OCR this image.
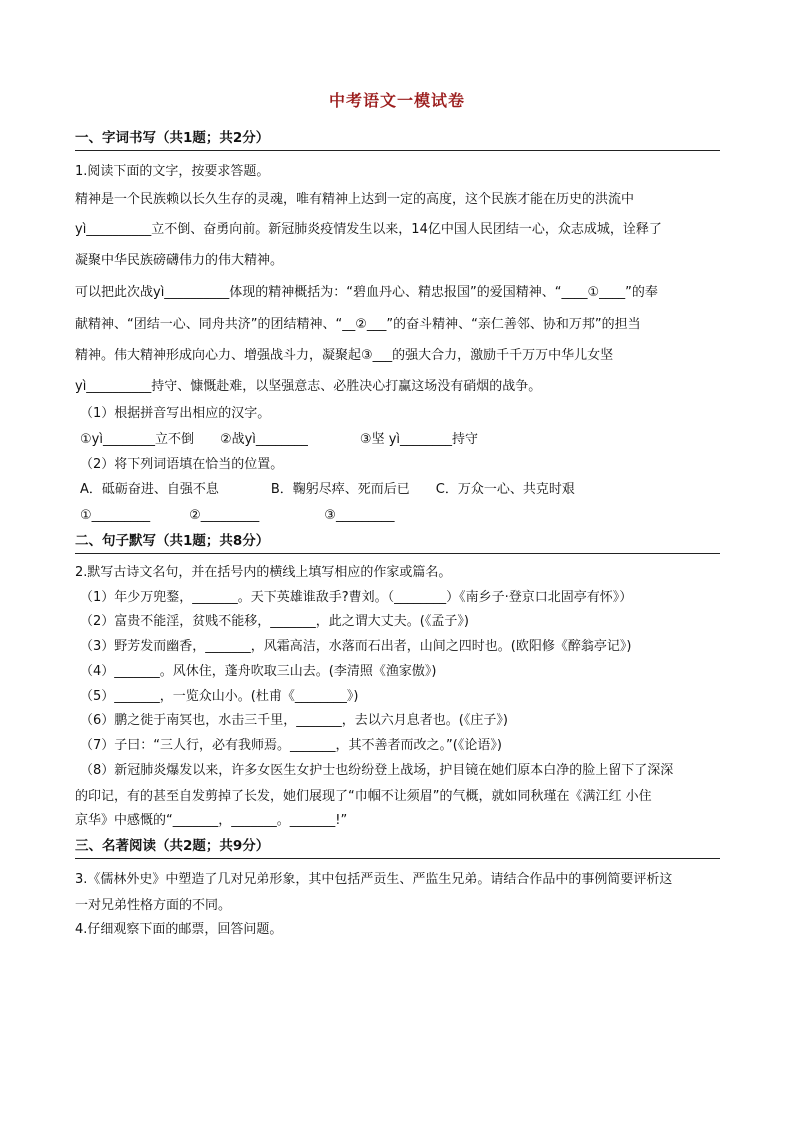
中考语文一模试卷
一、字词书写（共1题；共2分）
1.阅读下面的文字，按要求答题。
精神是一个民族赖以长久生存的灵魂，唯有精神上达到一定的高度，这个民族才能在历史的洪流中
yì__________立不倒、奋勇向前。新冠肺炎疫情发生以来，14亿中国人民团结一心，众志成城，诠释了
凝聚中华民族磅礴伟力的伟大精神。
可以把此次战yì__________体现的精神概括为：“碧血丹心、精忠报国”的爱国精神、“____①____”的奉
献精神、“团结一心、同舟共济”的团结精神、“__②___”的奋斗精神、“亲仁善邻、协和万邦”的担当
精神。伟大精神形成向心力、增强战斗力，凝聚起③___的强大合力，激励千千万万中华儿女坚
yì__________持守、慷慨赴难，以坚强意志、必胜决心打赢这场没有硝烟的战争。
（1）根据拼音写出相应的汉字。
①yì________立不倒　　②战yì________　　　　③坚 yì________持守
（2）将下列词语填在恰当的位置。
A．砥砺奋进、自强不息　　　　B．鞠躬尽瘁、死而后已　　C．万众一心、共克时艰
①_________　　　②_________　　　　　③_________
二、句子默写（共1题；共8分）
2.默写古诗文名句，并在括号内的横线上填写相应的作家或篇名。
（1）年少万兜鍪，_______。天下英雄谁敌手?曹刘。（________）《南乡子·登京口北固亭有怀》）
（2）富贵不能淫，贫贱不能移，_______，此之谓大丈夫。(《孟子》)
（3）野芳发而幽香，_______，风霜高洁，水落而石出者，山间之四时也。(欧阳修《醉翁亭记》)
（4）_______。风休住，蓬舟吹取三山去。(李清照《渔家傲》)
（5）_______，一览众山小。(杜甫《________》)
（6）鹏之徙于南冥也，水击三千里，_______，去以六月息者也。(《庄子》)
（7）子曰：“三人行，必有我师焉。_______，其不善者而改之。”(《论语》)
（8）新冠肺炎爆发以来，许多女医生女护士也纷纷登上战场，护目镜在她们原本白净的脸上留下了深深
的印记，有的甚至自发剪掉了长发，她们展现了“巾帼不让须眉”的气概，就如同秋瑾在《满江红 小住
京华》中感慨的“_______，_______。_______!”
三、名著阅读（共2题；共9分）
3.《儒林外史》中塑造了几对兄弟形象，其中包括严贡生、严监生兄弟。请结合作品中的事例简要评析这
一对兄弟性格方面的不同。
4.仔细观察下面的邮票，回答问题。
